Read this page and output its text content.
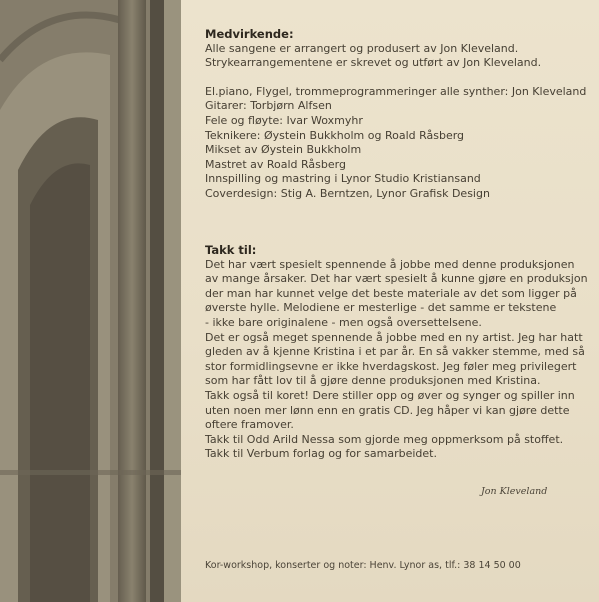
Medvirkende:
Alle sangene er arrangert og produsert av Jon Kleveland.
Strykearrangementene er skrevet og utført av Jon Kleveland.
El.piano, Flygel, trommeprogrammeringer alle synther: Jon Kleveland
Gitarer: Torbjørn Alfsen
Fele og fløyte: Ivar Woxmyhr
Teknikere: Øystein Bukkholm og Roald Råsberg
Mikset av Øystein Bukkholm
Mastret av Roald Råsberg
Innspilling og mastring i Lynor Studio Kristiansand
Coverdesign: Stig A. Berntzen, Lynor Grafisk Design
Takk til:
Det har vært spesielt spennende å jobbe med denne produksjonen
av mange årsaker. Det har vært spesielt å kunne gjøre en produksjon
der man har kunnet velge det beste materiale av det som ligger på
øverste hylle. Melodiene er mesterlige - det samme er tekstene
- ikke bare originalene - men også oversettelsene.
Det er også meget spennende å jobbe med en ny artist. Jeg har hatt
gleden av å kjenne Kristina i et par år. En så vakker stemme, med så
stor formidlingsevne er ikke hverdagskost. Jeg føler meg privilegert
som har fått lov til å gjøre denne produksjonen med Kristina.
Takk også til koret! Dere stiller opp og øver og synger og spiller inn
uten noen mer lønn enn en gratis CD. Jeg håper vi kan gjøre dette
oftere framover.
Takk til Odd Arild Nessa som gjorde meg oppmerksom på stoffet.
Takk til Verbum forlag og for samarbeidet.
Jon Kleveland
Kor-workshop, konserter og noter: Henv. Lynor as, tlf.: 38 14 50 00
